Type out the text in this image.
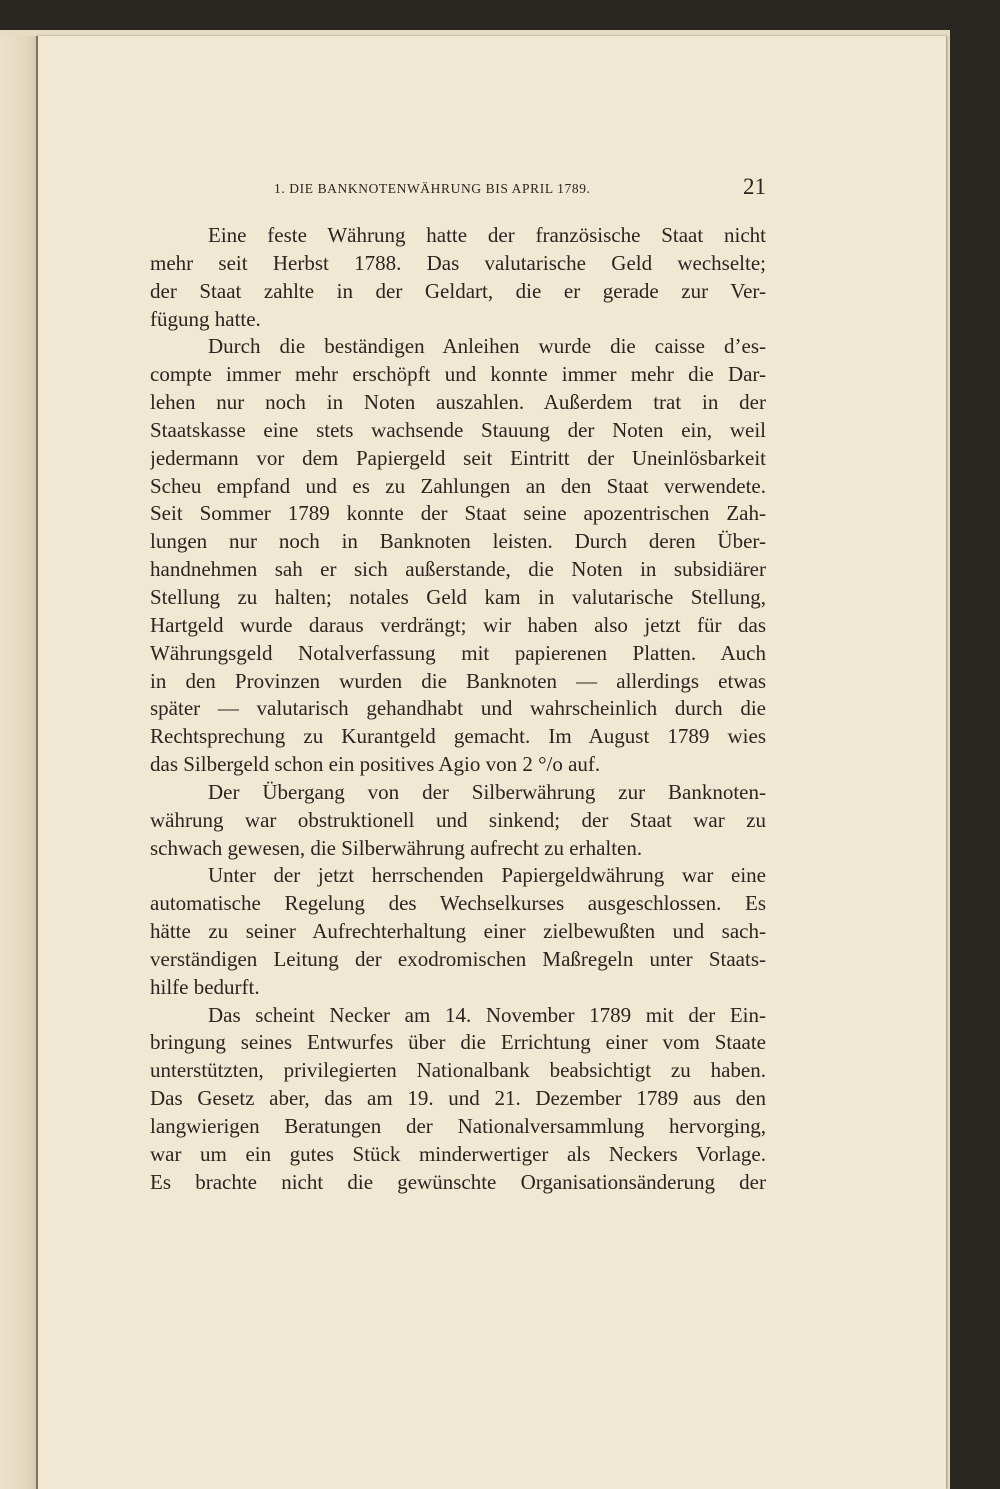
1. DIE BANKNOTENWÄHRUNG BIS APRIL 1789.	21
Eine feste Währung hatte der französische Staat nicht
mehr seit Herbst 1788. Das valutarische Geld wechselte;
der Staat zahlte in der Geldart, die er gerade zur Ver-
fügung hatte.
Durch die beständigen Anleihen wurde die caisse d’es-
compte immer mehr erschöpft und konnte immer mehr die Dar-
lehen nur noch in Noten auszahlen. Außerdem trat in der
Staatskasse eine stets wachsende Stauung der Noten ein, weil
jedermann vor dem Papiergeld seit Eintritt der Uneinlösbarkeit
Scheu empfand und es zu Zahlungen an den Staat verwendete.
Seit Sommer 1789 konnte der Staat seine apozentrischen Zah-
lungen nur noch in Banknoten leisten. Durch deren Über-
handnehmen sah er sich außerstande, die Noten in subsidiärer
Stellung zu halten; notales Geld kam in valutarische Stellung,
Hartgeld wurde daraus verdrängt; wir haben also jetzt für das
Währungsgeld Notalverfassung mit papierenen Platten. Auch
in den Provinzen wurden die Banknoten — allerdings etwas
später — valutarisch gehandhabt und wahrscheinlich durch die
Rechtsprechung zu Kurantgeld gemacht. Im August 1789 wies
das Silbergeld schon ein positives Agio von 2 °/o auf.
Der Übergang von der Silberwährung zur Banknoten-
währung war obstruktionell und sinkend; der Staat war zu
schwach gewesen, die Silberwährung aufrecht zu erhalten.
Unter der jetzt herrschenden Papiergeldwährung war eine
automatische Regelung des Wechselkurses ausgeschlossen. Es
hätte zu seiner Aufrechterhaltung einer zielbewußten und sach-
verständigen Leitung der exodromischen Maßregeln unter Staats-
hilfe bedurft.
Das scheint Necker am 14. November 1789 mit der Ein-
bringung seines Entwurfes über die Errichtung einer vom Staate
unterstützten, privilegierten Nationalbank beabsichtigt zu haben.
Das Gesetz aber, das am 19. und 21. Dezember 1789 aus den
langwierigen Beratungen der Nationalversammlung hervorging,
war um ein gutes Stück minderwertiger als Neckers Vorlage.
Es brachte nicht die gewünschte Organisationsänderung der
